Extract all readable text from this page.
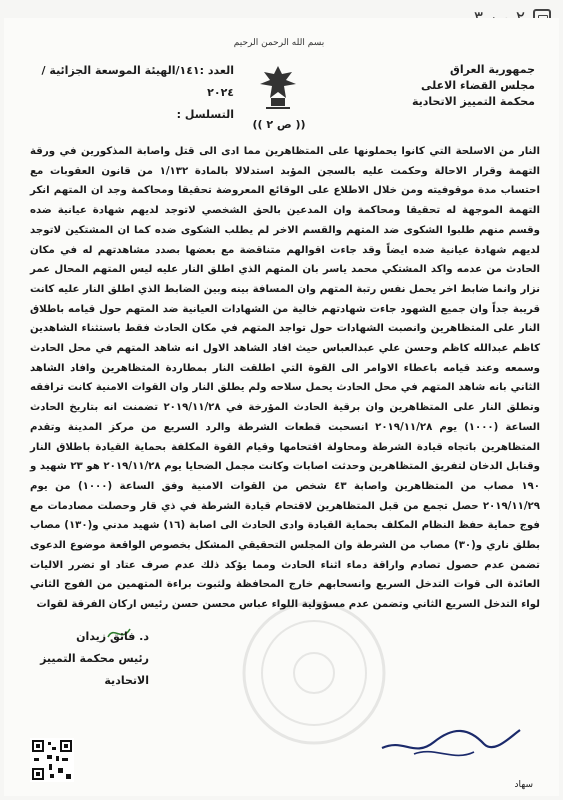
بسم الله الرحمن الرحيم
جمهورية العراق
مجلس القضاء الاعلى
محكمة التمييز الاتحادية
العدد :١٤١/الهيئة الموسعة الجزائية /٢٠٢٤
التسلسل :
(( ص ٢ ))

النار من الاسلحة التي كانوا يحملونها على المتظاهرين مما ادى الى قتل واصابة المذكورين في ورقة التهمة وقرار الاحالة وحكمت عليه بالسجن المؤبد استدلالا بالمادة ١/١٣٢ من قانون العقوبات مع احتساب مدة موقوفيته ومن خلال الاطلاع على الوقائع المعروضة تحقيقا ومحاكمة وجد ان المتهم انكر التهمة الموجهة له تحقيقا ومحاكمة وان المدعين بالحق الشخصي لاتوجد لديهم شهادة عيانية ضده وقسم منهم طلبوا الشكوى ضد المتهم والقسم الاخر لم يطلب الشكوى ضده كما ان المشتكين لاتوجد لديهم شهادة عيانية ضده ايضاً وقد جاءت اقوالهم متناقضة مع بعضها بصدد مشاهدتهم له في مكان الحادث من عدمه واكد المشتكي محمد ياسر بان المتهم الذي اطلق النار عليه ليس المتهم المحال عمر نزار وانما ضابط اخر يحمل نفس رتبة المتهم وان المسافة بينه وبين الضابط الذي اطلق النار عليه كانت قريبة جداً وان جميع الشهود جاءت شهادتهم خالية من الشهادات العيانية ضد المتهم حول قيامه باطلاق النار على المتظاهرين وانصبت الشهادات حول تواجد المتهم في مكان الحادث فقط باستثناء الشاهدين كاظم عبدالله كاظم وحسن علي عبدالعباس حيث افاد الشاهد الاول انه شاهد المتهم في محل الحادث وسمعه وعند قيامه باعطاء الاوامر الى القوة التي اطلقت النار بمطاردة المتظاهرين وافاد الشاهد الثاني بانه شاهد المتهم في محل الحادث يحمل سلاحه ولم يطلق النار وان القوات الامنية كانت ترافقه وتطلق النار على المتظاهرين وان برقية الحادث المؤرخة في ٢٠١٩/١١/٢٨ تضمنت انه بتاريخ الحادث الساعة (١٠٠٠) يوم ٢٠١٩/١١/٢٨ انسحبت قطعات الشرطة والرد السريع من مركز المدينة وتقدم المتظاهرين باتجاه قيادة الشرطة ومحاولة اقتحامها وقيام القوة المكلفة بحماية القيادة باطلاق النار وقنابل الدخان لتفريق المتظاهرين وحدثت اصابات وكانت مجمل الضحايا يوم ٢٠١٩/١١/٢٨ هو ٢٣ شهيد و ١٩٠ مصاب من المتظاهرين واصابة ٤٣ شخص من القوات الامنية وفق الساعة (١٠٠٠) من يوم ٢٠١٩/١١/٢٩ حصل تجمع من قبل المتظاهرين لاقتحام قيادة الشرطة في ذي قار وحصلت مصادمات مع فوج حماية حفظ النظام المكلف بحماية القيادة وادى الحادث الى اصابة (١٦) شهيد مدني و(١٣٠) مصاب بطلق ناري و(٣٠) مصاب من الشرطة وان المجلس التحقيقي المشكل بخصوص الواقعة موضوع الدعوى تضمن عدم حصول تصادم واراقة دماء اثناء الحادث ومما يؤكد ذلك عدم صرف عتاد او تضرر الاليات العائدة الى قوات التدخل السريع وانسحابهم خارج المحافظة ولثبوت براءة المتهمين من الفوج الثاني لواء التدخل السريع الثاني وتضمن عدم مسؤولية اللواء عباس محسن حسن رئيس اركان الفرقة لقوات

د. فائق زيدان
رئيس محكمة التمييز الاتحادية
سهاد
